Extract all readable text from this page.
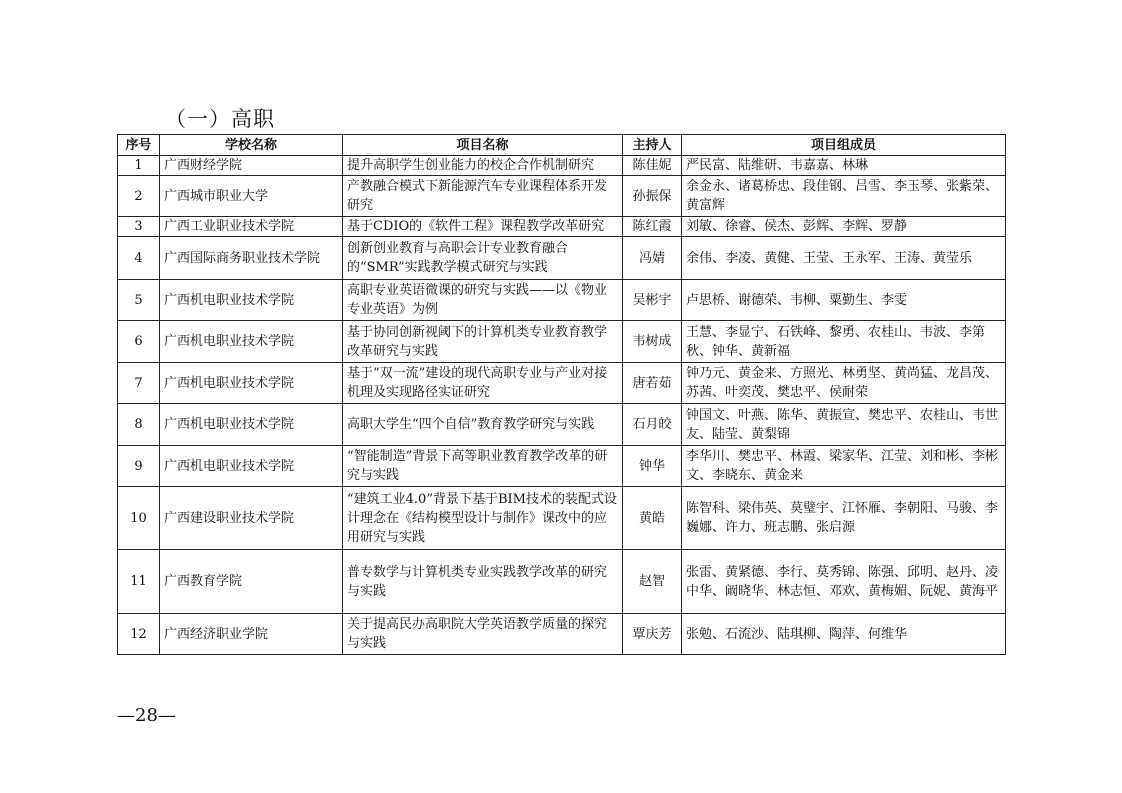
（一）高职
序号	学校名称	项目名称	主持人	项目组成员
1	广西财经学院	提升高职学生创业能力的校企合作机制研究	陈佳妮	严民富、陆维研、韦嘉嘉、林琳
2	广西城市职业大学	产教融合模式下新能源汽车专业课程体系开发研究	孙振保	余金永、诸葛桥忠、段佳钢、吕雪、李玉琴、张紫荣、黄富辉
3	广西工业职业技术学院	基于CDIO的《软件工程》课程教学改革研究	陈红霞	刘敏、徐睿、侯杰、彭辉、李辉、罗静
4	广西国际商务职业技术学院	创新创业教育与高职会计专业教育融合的“SMR”实践教学模式研究与实践	冯婧	余伟、李凌、黄健、王莹、王永军、王涛、黄莹乐
5	广西机电职业技术学院	高职专业英语微课的研究与实践——以《物业专业英语》为例	吴彬宇	卢思桥、谢德荣、韦柳、粟勤生、李雯
6	广西机电职业技术学院	基于协同创新视阈下的计算机类专业教育教学改革研究与实践	韦树成	王慧、李显宁、石铁峰、黎勇、农桂山、韦波、李第秋、钟华、黄新福
7	广西机电职业技术学院	基于“双一流”建设的现代高职专业与产业对接机理及实现路径实证研究	唐若茹	钟乃元、黄金来、方照光、林勇坚、黄尚猛、龙昌茂、苏茜、叶奕茂、樊忠平、侯耐荣
8	广西机电职业技术学院	高职大学生“四个自信”教育教学研究与实践	石月皎	钟国文、叶燕、陈华、黄振宣、樊忠平、农桂山、韦世友、陆莹、黄梨锦
9	广西机电职业技术学院	“智能制造”背景下高等职业教育教学改革的研究与实践	钟华	李华川、樊忠平、林霞、梁家华、江莹、刘和彬、李彬文、李晓东、黄金来
10	广西建设职业技术学院	“建筑工业4.0”背景下基于BIM技术的装配式设计理念在《结构模型设计与制作》课改中的应用研究与实践	黄皓	陈智科、梁伟英、莫璧宇、江怀雁、李朝阳、马骏、李巍娜、许力、班志鹏、张启源
11	广西教育学院	普专数学与计算机类专业实践教学改革的研究与实践	赵智	张雷、黄紧德、李行、莫秀锦、陈强、邱明、赵丹、凌中华、阚晓华、林志恒、邓欢、黄梅媚、阮妮、黄海平
12	广西经济职业学院	关于提高民办高职院大学英语教学质量的探究与实践	覃庆芳	张勉、石流沙、陆琪柳、陶萍、何维华
—28—
